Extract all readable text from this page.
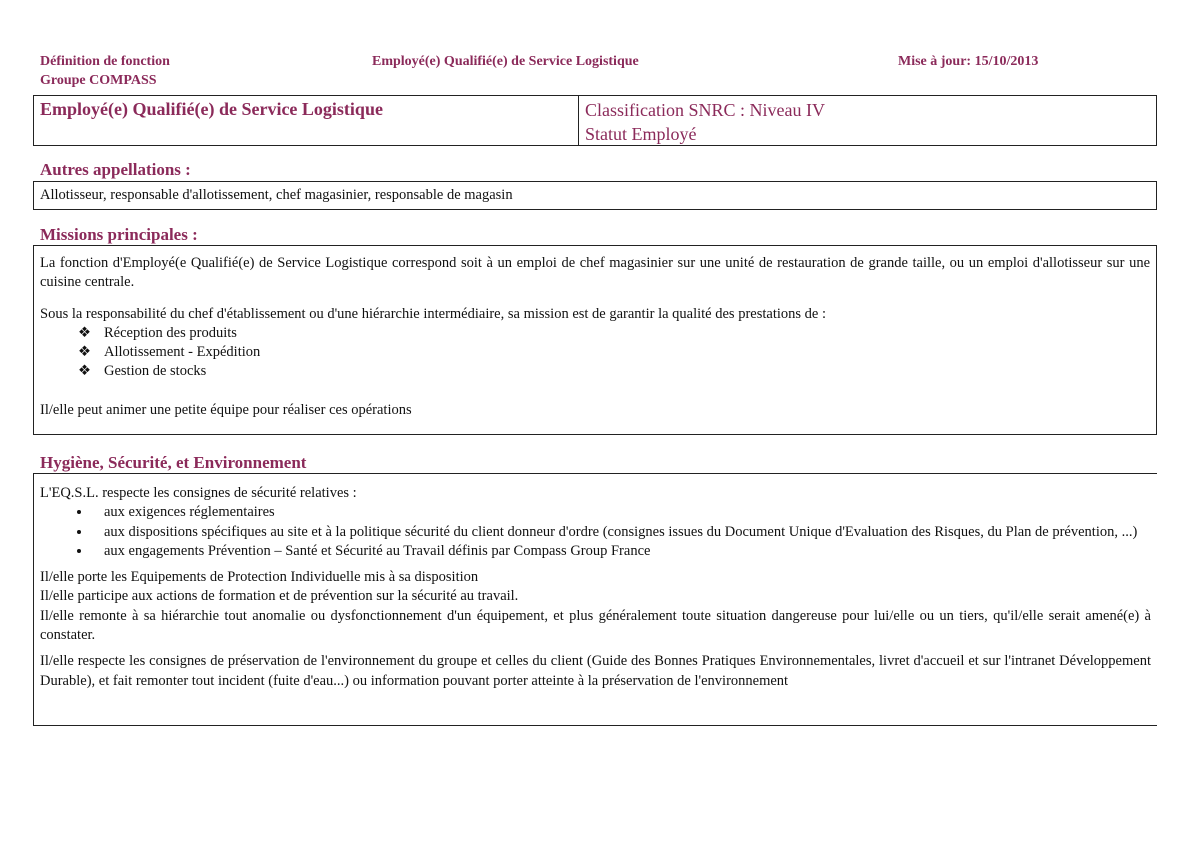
Définition de fonction
Groupe COMPASS
Employé(e) Qualifié(e) de Service Logistique	Mise à jour: 15/10/2013
Employé(e) Qualifié(e) de Service Logistique	Classification SNRC : Niveau IV
Statut Employé
Autres appellations :

Allotisseur, responsable d'allotissement, chef magasinier, responsable de magasin

Missions principales :

La fonction d'Employé(e Qualifié(e) de Service Logistique correspond soit à un emploi de chef magasinier sur une unité de restauration de grande taille, ou un emploi d'allotisseur sur une cuisine centrale.

Sous la responsabilité du chef d'établissement ou d'une hiérarchie intermédiaire, sa mission est de garantir la qualité des prestations de :

❖ Réception des produits
❖ Allotissement - Expédition
❖ Gestion de stocks

Il/elle peut animer une petite équipe pour réaliser ces opérations

Hygiène, Sécurité, et Environnement

L'EQ.S.L. respecte les consignes de sécurité relatives :

• aux exigences réglementaires
• aux dispositions spécifiques au site et à la politique sécurité du client donneur d'ordre (consignes issues du Document Unique d'Evaluation des Risques, du Plan de prévention, ...)
• aux engagements Prévention – Santé et Sécurité au Travail définis par Compass Group France

Il/elle porte les Equipements de Protection Individuelle mis à sa disposition

Il/elle participe aux actions de formation et de prévention sur la sécurité au travail.

Il/elle remonte à sa hiérarchie tout anomalie ou dysfonctionnement d'un équipement, et plus généralement toute situation dangereuse pour lui/elle ou un tiers, qu'il/elle serait amené(e) à constater.

Il/elle respecte les consignes de préservation de l'environnement du groupe et celles du client (Guide des Bonnes Pratiques Environnementales, livret d'accueil et sur l'intranet Développement Durable), et fait remonter tout incident (fuite d'eau...) ou information pouvant porter atteinte à la préservation de l'environnement
